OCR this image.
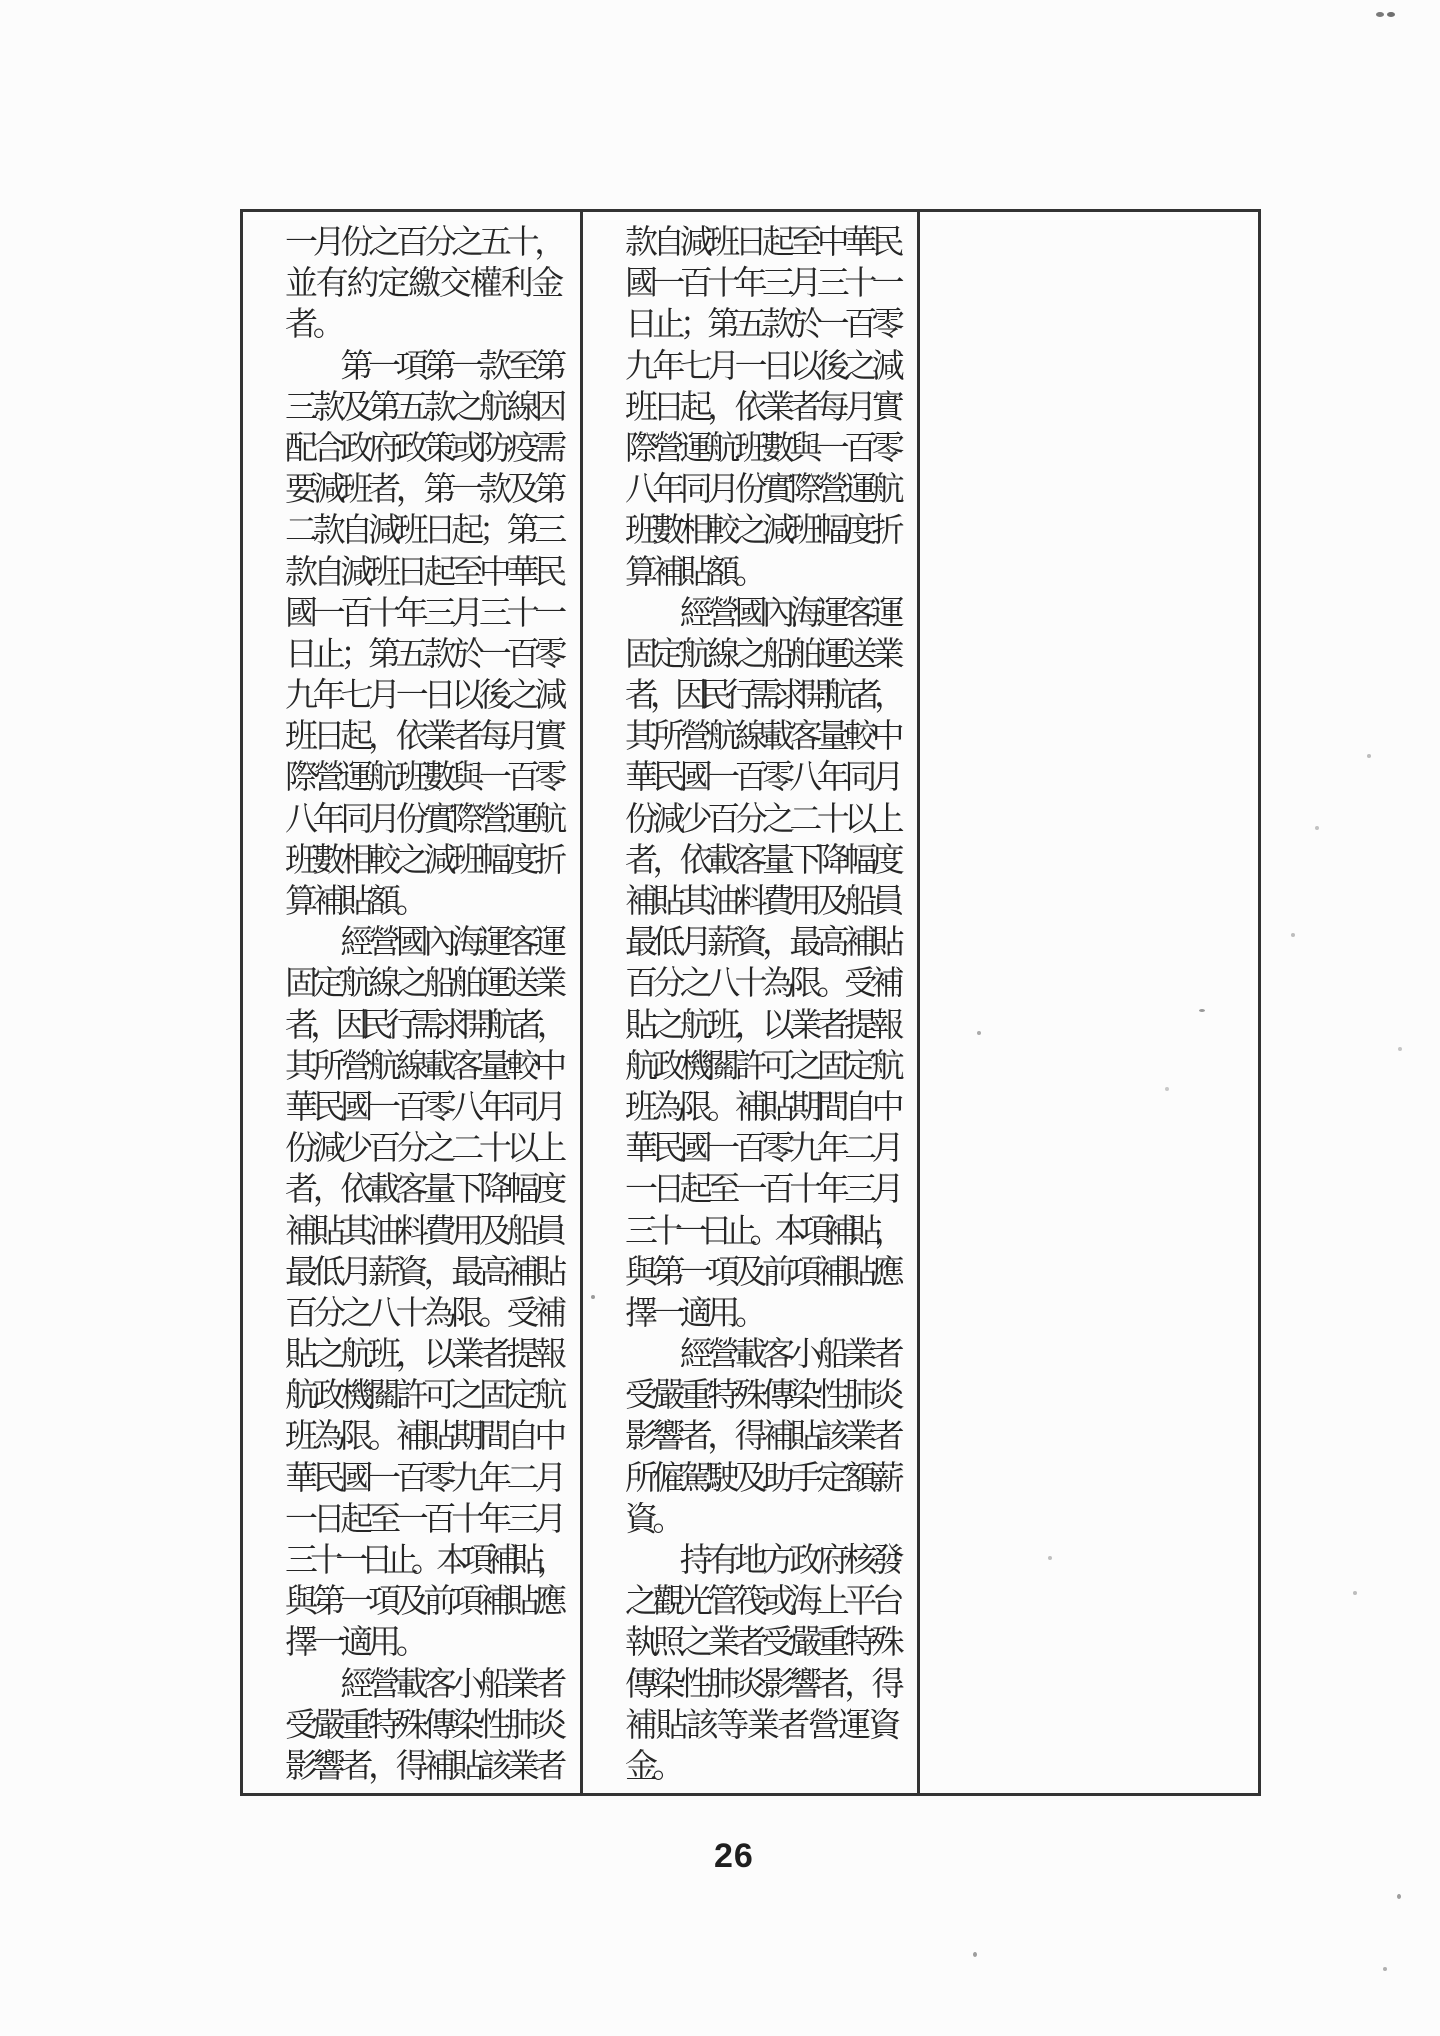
一月份之百分之五十，
並有約定繳交權利金
者。
　　第一項第一款至第
三款及第五款之航線因
配合政府政策或防疫需
要減班者，第一款及第
二款自減班日起；第三
款自減班日起至中華民
國一百十年三月三十一
日止；第五款於一百零
九年七月一日以後之減
班日起，依業者每月實
際營運航班數與一百零
八年同月份實際營運航
班數相較之減班幅度折
算補貼額。
　　經營國內海運客運
固定航線之船舶運送業
者，因民行需求開航者，
其所營航線載客量較中
華民國一百零八年同月
份減少百分之二十以上
者，依載客量下降幅度
補貼其油料費用及船員
最低月薪資，最高補貼
百分之八十為限。受補
貼之航班，以業者提報
航政機關許可之固定航
班為限。補貼期間自中
華民國一百零九年二月
一日起至一百十年三月
三十一日止。本項補貼，
與第一項及前項補貼應
擇一適用。
　　經營載客小船業者
受嚴重特殊傳染性肺炎
影響者，得補貼該業者
款自減班日起至中華民
國一百十年三月三十一
日止；第五款於一百零
九年七月一日以後之減
班日起，依業者每月實
際營運航班數與一百零
八年同月份實際營運航
班數相較之減班幅度折
算補貼額。
　　經營國內海運客運
固定航線之船舶運送業
者，因民行需求開航者，
其所營航線載客量較中
華民國一百零八年同月
份減少百分之二十以上
者，依載客量下降幅度
補貼其油料費用及船員
最低月薪資，最高補貼
百分之八十為限。受補
貼之航班，以業者提報
航政機關許可之固定航
班為限。補貼期間自中
華民國一百零九年二月
一日起至一百十年三月
三十一日止。本項補貼，
與第一項及前項補貼應
擇一適用。
　　經營載客小船業者
受嚴重特殊傳染性肺炎
影響者，得補貼該業者
所僱駕駛及助手定額薪
資。
　　持有地方政府核發
之觀光管筏或海上平台
執照之業者受嚴重特殊
傳染性肺炎影響者，得
補貼該等業者營運資
金。
26
